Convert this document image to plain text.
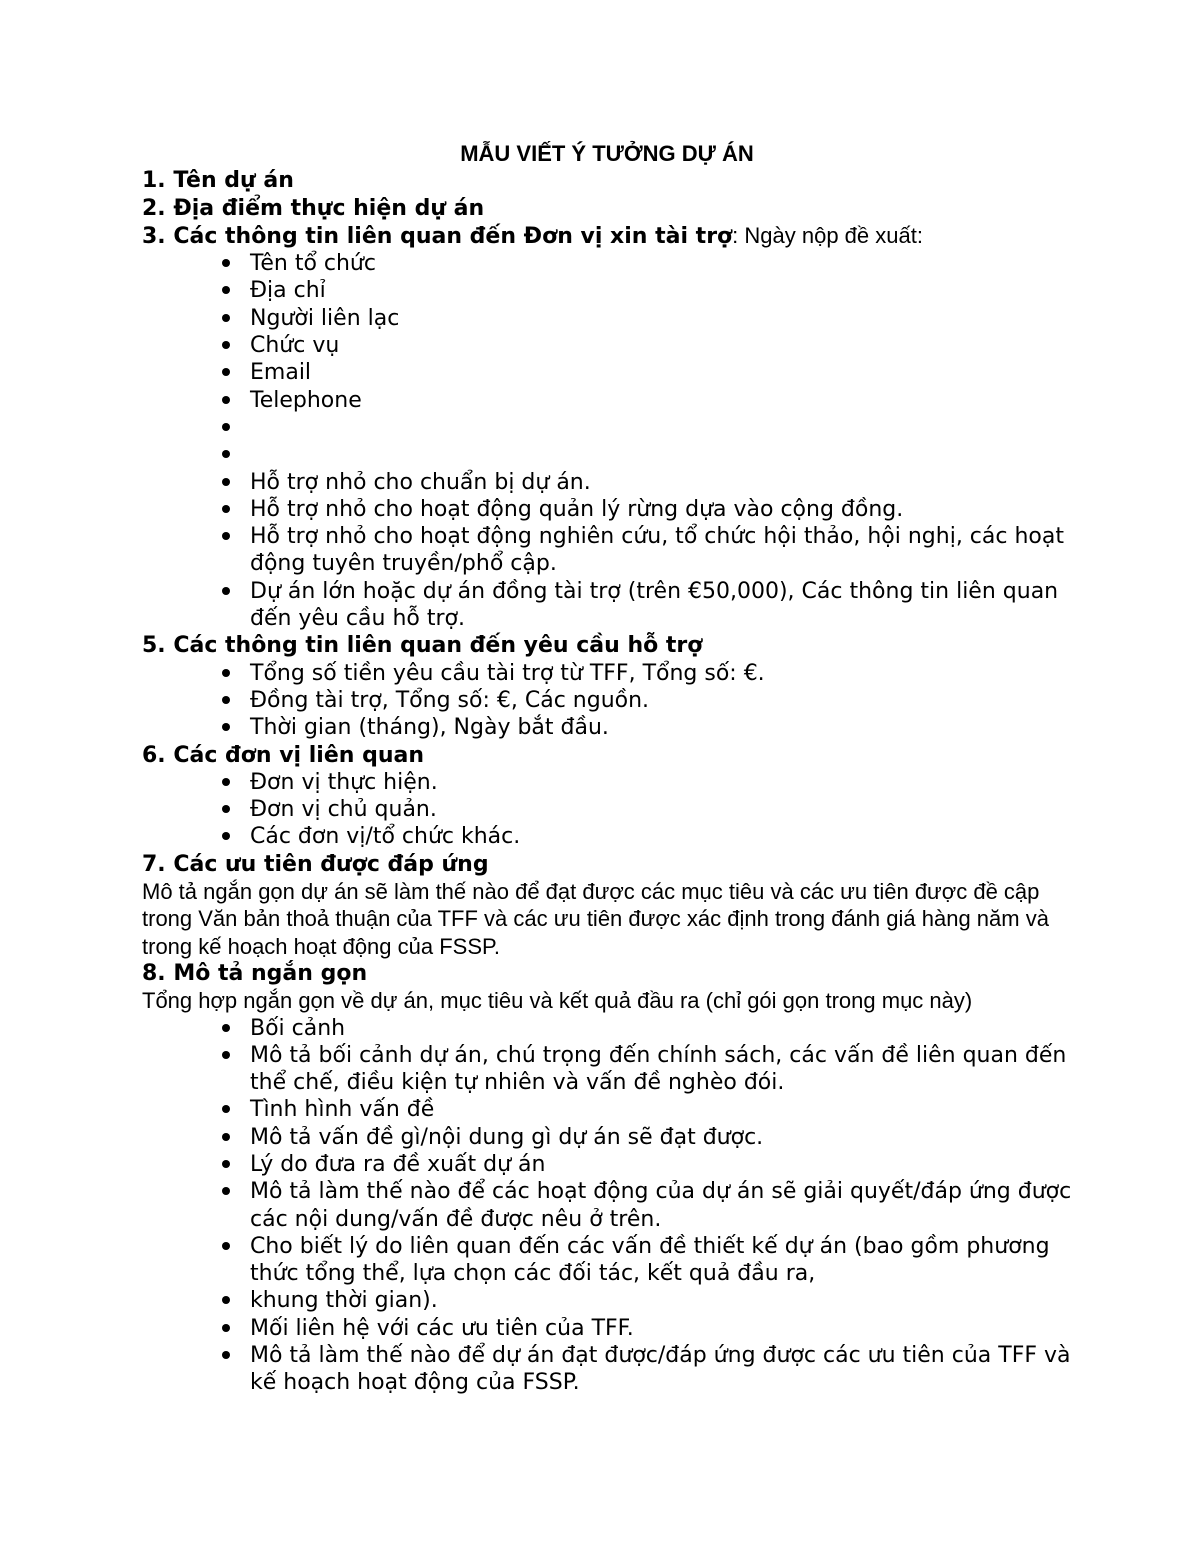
MẪU VIẾT Ý TƯỞNG DỰ ÁN

1. Tên dự án

2. Địa điểm thực hiện dự án

3. Các thông tin liên quan đến Đơn vị xin tài trợ: Ngày nộp đề xuất:

Tên tổ chức
Địa chỉ
Người liên lạc
Chức vụ
Email
Telephone
Hỗ trợ nhỏ cho chuẩn bị dự án.
Hỗ trợ nhỏ cho hoạt động quản lý rừng dựa vào cộng đồng.
Hỗ trợ nhỏ cho hoạt động nghiên cứu, tổ chức hội thảo, hội nghị, các hoạt động tuyên truyền/phổ cập.
Dự án lớn hoặc dự án đồng tài trợ (trên €50,000), Các thông tin liên quan đến yêu cầu hỗ trợ.

5. Các thông tin liên quan đến yêu cầu hỗ trợ

Tổng số tiền yêu cầu tài trợ từ TFF, Tổng số: €.
Đồng tài trợ, Tổng số: €, Các nguồn.
Thời gian (tháng), Ngày bắt đầu.

6. Các đơn vị liên quan

Đơn vị thực hiện.
Đơn vị chủ quản.
Các đơn vị/tổ chức khác.

7. Các ưu tiên được đáp ứng

Mô tả ngắn gọn dự án sẽ làm thế nào để đạt được các mục tiêu và các ưu tiên được đề cập trong Văn bản thoả thuận của TFF và các ưu tiên được xác định trong đánh giá hàng năm và trong kế hoạch hoạt động của FSSP.

8. Mô tả ngắn gọn

Tổng hợp ngắn gọn về dự án, mục tiêu và kết quả đầu ra (chỉ gói gọn trong mục này)

Bối cảnh
Mô tả bối cảnh dự án, chú trọng đến chính sách, các vấn đề liên quan đến thể chế, điều kiện tự nhiên và vấn đề nghèo đói.
Tình hình vấn đề
Mô tả vấn đề gì/nội dung gì dự án sẽ đạt được.
Lý do đưa ra đề xuất dự án
Mô tả làm thế nào để các hoạt động của dự án sẽ giải quyết/đáp ứng được các nội dung/vấn đề được nêu ở trên.
Cho biết lý do liên quan đến các vấn đề thiết kế dự án (bao gồm phương thức tổng thể, lựa chọn các đối tác, kết quả đầu ra,
khung thời gian).
Mối liên hệ với các ưu tiên của TFF.
Mô tả làm thế nào để dự án đạt được/đáp ứng được các ưu tiên của TFF và kế hoạch hoạt động của FSSP.
